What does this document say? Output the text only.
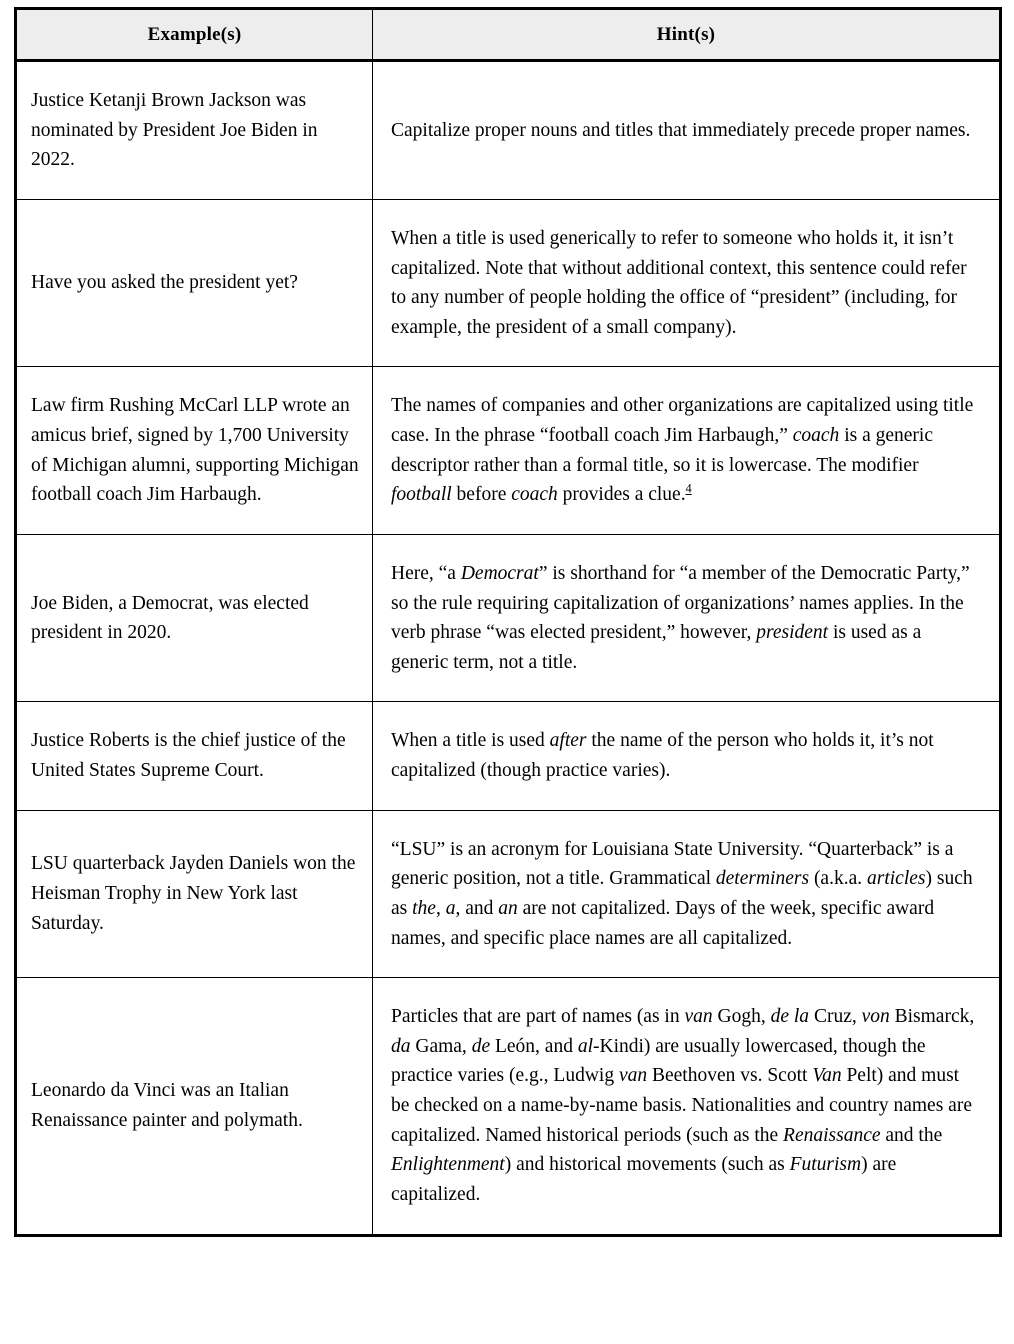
Example(s)	Hint(s)
Justice Ketanji Brown Jackson was nominated by President Joe Biden in 2022.	Capitalize proper nouns and titles that immediately precede proper names.
Have you asked the president yet?	When a title is used generically to refer to someone who holds it, it isn’t capitalized. Note that without additional context, this sentence could refer to any number of people holding the office of “president” (including, for example, the president of a small company).
Law firm Rushing McCarl LLP wrote an amicus brief, signed by 1,700 University of Michigan alumni, supporting Michigan football coach Jim Harbaugh.	The names of companies and other organizations are capitalized using title case. In the phrase “football coach Jim Harbaugh,” coach is a generic descriptor rather than a formal title, so it is lowercase. The modifier football before coach provides a clue.$^4$
Joe Biden, a Democrat, was elected president in 2020.	Here, “a Democrat” is shorthand for “a member of the Democratic Party,” so the rule requiring capitalization of organizations’ names applies. In the verb phrase “was elected president,” however, president is used as a generic term, not a title.
Justice Roberts is the chief justice of the United States Supreme Court.	When a title is used after the name of the person who holds it, it’s not capitalized (though practice varies).
LSU quarterback Jayden Daniels won the Heisman Trophy in New York last Saturday.	“LSU” is an acronym for Louisiana State University. “Quarterback” is a generic position, not a title. Grammatical determiners (a.k.a. articles) such as the, a, and an are not capitalized. Days of the week, specific award names, and specific place names are all capitalized.
Leonardo da Vinci was an Italian Renaissance painter and polymath.	Particles that are part of names (as in van Gogh, de la Cruz, von Bismarck, da Gama, de León, and al-Kindi) are usually lowercased, though the practice varies (e.g., Ludwig van Beethoven vs. Scott Van Pelt) and must be checked on a name-by-name basis. Nationalities and country names are capitalized. Named historical periods (such as the Renaissance and the Enlightenment) and historical movements (such as Futurism) are capitalized.
